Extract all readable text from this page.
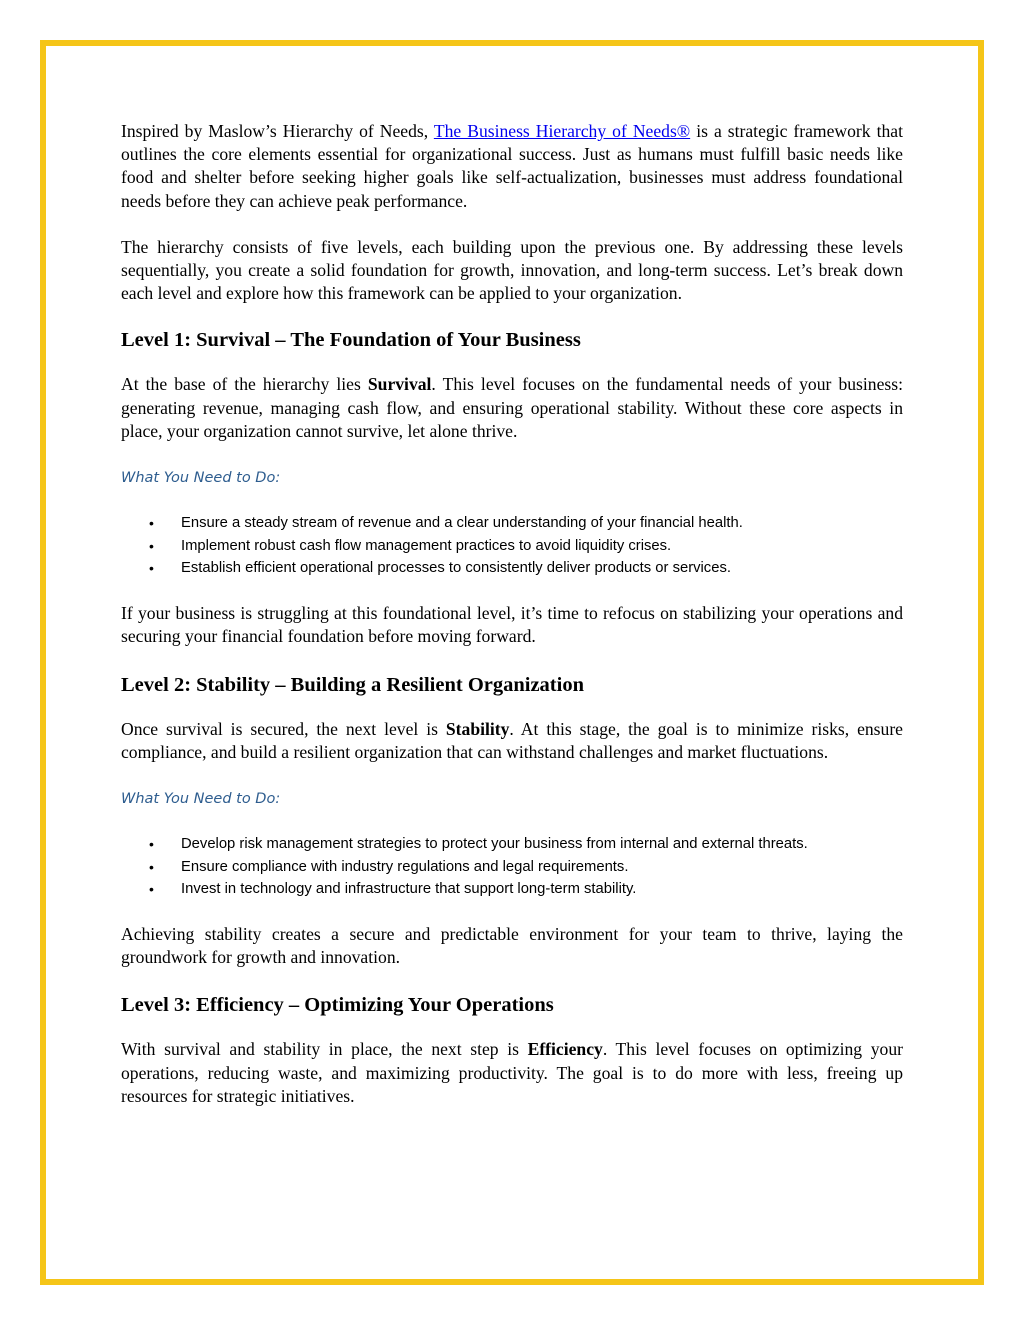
Inspired by Maslow’s Hierarchy of Needs, The Business Hierarchy of Needs® is a strategic framework that outlines the core elements essential for organizational success. Just as humans must fulfill basic needs like food and shelter before seeking higher goals like self-actualization, businesses must address foundational needs before they can achieve peak performance.

The hierarchy consists of five levels, each building upon the previous one. By addressing these levels sequentially, you create a solid foundation for growth, innovation, and long-term success. Let’s break down each level and explore how this framework can be applied to your organization.

Level 1: Survival – The Foundation of Your Business

At the base of the hierarchy lies Survival. This level focuses on the fundamental needs of your business: generating revenue, managing cash flow, and ensuring operational stability. Without these core aspects in place, your organization cannot survive, let alone thrive.

What You Need to Do:

• Ensure a steady stream of revenue and a clear understanding of your financial health.
• Implement robust cash flow management practices to avoid liquidity crises.
• Establish efficient operational processes to consistently deliver products or services.

If your business is struggling at this foundational level, it’s time to refocus on stabilizing your operations and securing your financial foundation before moving forward.

Level 2: Stability – Building a Resilient Organization

Once survival is secured, the next level is Stability. At this stage, the goal is to minimize risks, ensure compliance, and build a resilient organization that can withstand challenges and market fluctuations.

What You Need to Do:

• Develop risk management strategies to protect your business from internal and external threats.
• Ensure compliance with industry regulations and legal requirements.
• Invest in technology and infrastructure that support long-term stability.

Achieving stability creates a secure and predictable environment for your team to thrive, laying the groundwork for growth and innovation.

Level 3: Efficiency – Optimizing Your Operations

With survival and stability in place, the next step is Efficiency. This level focuses on optimizing your operations, reducing waste, and maximizing productivity. The goal is to do more with less, freeing up resources for strategic initiatives.
